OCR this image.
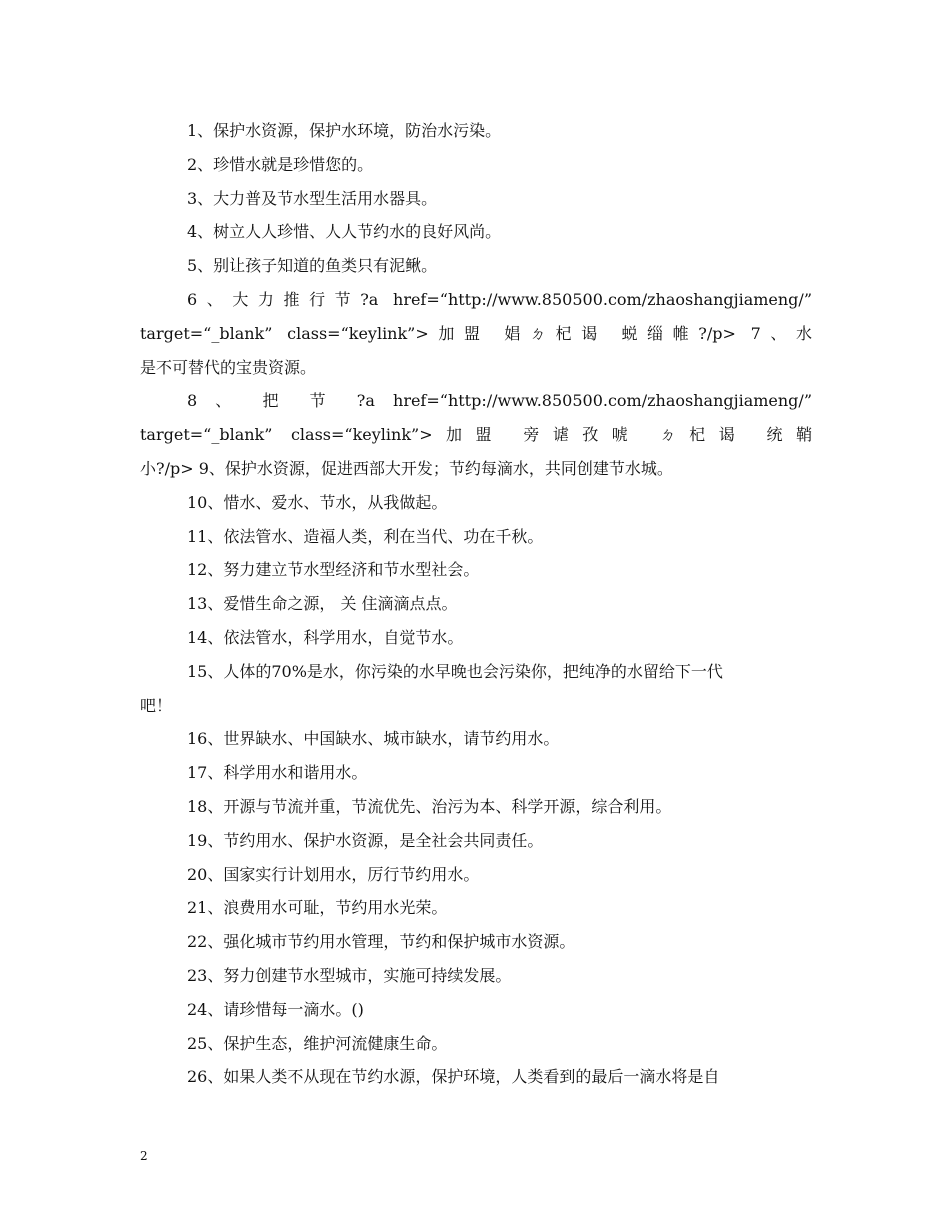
1、保护水资源，保护水环境，防治水污染。
2、珍惜水就是珍惜您的。
3、大力普及节水型生活用水器具。
4、树立人人珍惜、人人节约水的良好风尚。
5、别让孩子知道的鱼类只有泥鳅。
6、大力推行节?a href=“http://www.850500.com/zhaoshangjiameng/”
target=“_blank” class=“keylink”>加盟 娼ㄉ杞谒 蜕缁帷?/p> 7、水
是不可替代的宝贵资源。
8 、 把 节 ?a href=“http://www.850500.com/zhaoshangjiameng/”
target=“_blank” class=“keylink”>加盟 旁谑孜唬 ㄉ杞谒 统鞘
小?/p> 9、保护水资源，促进西部大开发；节约每滴水，共同创建节水城。
10、惜水、爱水、节水，从我做起。
11、依法管水、造福人类，利在当代、功在千秋。
12、努力建立节水型经济和节水型社会。
13、爱惜生命之源， 关 住滴滴点点。
14、依法管水，科学用水，自觉节水。
15、人体的70%是水，你污染的水早晚也会污染你，把纯净的水留给下一代
吧！
16、世界缺水、中国缺水、城市缺水，请节约用水。
17、科学用水和谐用水。
18、开源与节流并重，节流优先、治污为本、科学开源，综合利用。
19、节约用水、保护水资源，是全社会共同责任。
20、国家实行计划用水，厉行节约用水。
21、浪费用水可耻，节约用水光荣。
22、强化城市节约用水管理，节约和保护城市水资源。
23、努力创建节水型城市，实施可持续发展。
24、请珍惜每一滴水。()
25、保护生态，维护河流健康生命。
26、如果人类不从现在节约水源，保护环境，人类看到的最后一滴水将是自
2
